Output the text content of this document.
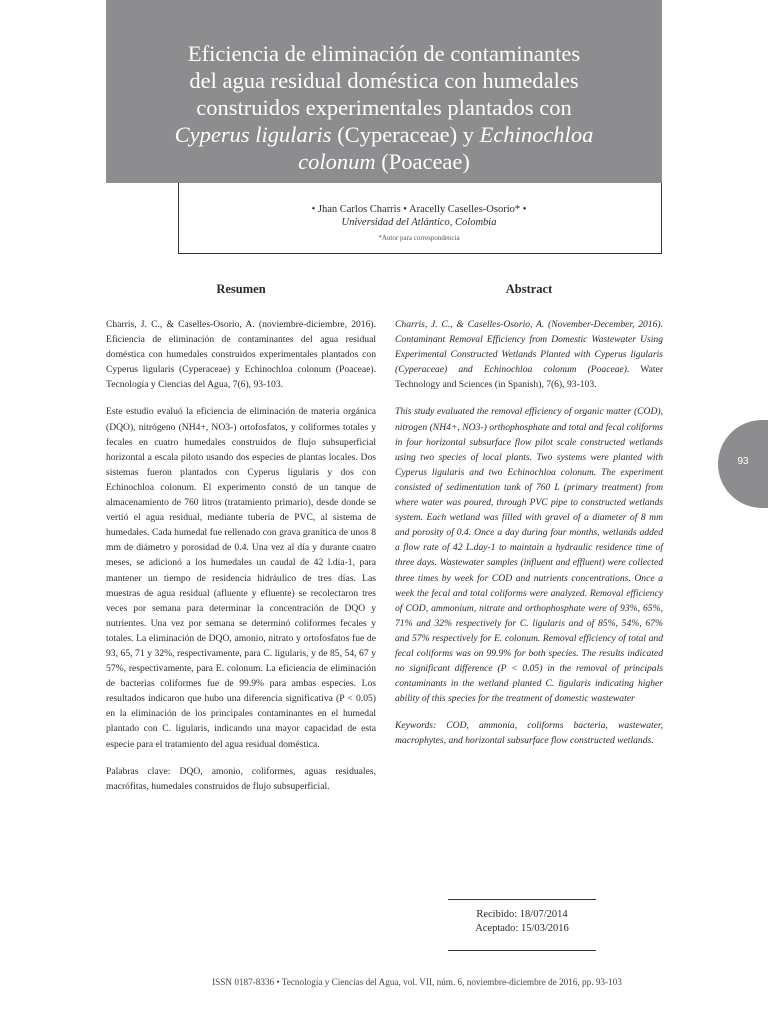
Eficiencia de eliminación de contaminantes
del agua residual doméstica con humedales
construidos experimentales plantados con
Cyperus ligularis (Cyperaceae) y Echinochloa
colonum (Poaceae)
• Jhan Carlos Charris • Aracelly Caselles-Osorio* •
Universidad del Atlántico, Colombia
*Autor para correspondencia
Resumen	Abstract

Charris, J. C., & Caselles-Osorio, A. (noviembre-diciembre, 2016). Eficiencia de eliminación de contaminantes del agua residual doméstica con humedales construidos experimentales plantados con Cyperus ligularis (Cyperaceae) y Echinochloa colonum (Poaceae). Tecnología y Ciencias del Agua, 7(6), 93-103.

Este estudio evaluó la eficiencia de eliminación de materia orgánica (DQO), nitrógeno (NH4+, NO3-) ortofosfatos, y coliformes totales y fecales en cuatro humedales construidos de flujo subsuperficial horizontal a escala piloto usando dos especies de plantas locales. Dos sistemas fueron plantados con Cyperus ligularis y dos con Echinochloa colonum. El experimento constó de un tanque de almacenamiento de 760 litros (tratamiento primario), desde donde se vertió el agua residual, mediante tubería de PVC, al sistema de humedales. Cada humedal fue rellenado con grava granítica de unos 8 mm de diámetro y porosidad de 0.4. Una vez al día y durante cuatro meses, se adicionó a los humedales un caudal de 42 l.día-1, para mantener un tiempo de residencia hidráulico de tres días. Las muestras de agua residual (afluente y efluente) se recolectaron tres veces por semana para determinar la concentración de DQO y nutrientes. Una vez por semana se determinó coliformes fecales y totales. La eliminación de DQO, amonio, nitrato y ortofosfatos fue de 93, 65, 71 y 32%, respectivamente, para C. ligularis, y de 85, 54, 67 y 57%, respectivamente, para E. colonum. La eficiencia de eliminación de bacterias coliformes fue de 99.9% para ambas especies. Los resultados indicaron que hubo una diferencia significativa (P < 0.05) en la eliminación de los principales contaminantes en el humedal plantado con C. ligularis, indicando una mayor capacidad de esta especie para el tratamiento del agua residual doméstica.

Palabras clave: DQO, amonio, coliformes, aguas residuales, macrófitas, humedales construidos de flujo subsuperficial.

Charris, J. C., & Caselles-Osorio, A. (November-December, 2016). Contaminant Removal Efficiency from Domestic Wastewater Using Experimental Constructed Wetlands Planted with Cyperus ligularis (Cyperaceae) and Echinochloa colonum (Poaceae). Water Technology and Sciences (in Spanish), 7(6), 93-103.

This study evaluated the removal efficiency of organic matter (COD), nitrogen (NH4+, NO3-) orthophosphate and total and fecal coliforms in four horizontal subsurface flow pilot scale constructed wetlands using two species of local plants. Two systems were planted with Cyperus ligularis and two Echinochloa colonum. The experiment consisted of sedimentation tank of 760 L (primary treatment) from where water was poured, through PVC pipe to constructed wetlands system. Each wetland was filled with gravel of a diameter of 8 mm and porosity of 0.4. Once a day during four months, wetlands added a flow rate of 42 L.day-1 to maintain a hydraulic residence time of three days. Wastewater samples (influent and effluent) were collected three times by week for COD and nutrients concentrations. Once a week the fecal and total coliforms were analyzed. Removal efficiency of COD, ammonium, nitrate and orthophosphate were of 93%, 65%, 71% and 32% respectively for C. ligularis and of 85%, 54%, 67% and 57% respectively for E. colonum. Removal efficiency of total and fecal coliforms was on 99.9% for both species. The results indicated no significant difference (P < 0.05) in the removal of principals contaminants in the wetland planted C. ligularis indicating higher ability of this species for the treatment of domestic wastewater

Keywords: COD, ammonia, coliforms bacteria, wastewater, macrophytes, and horizontal subsurface flow constructed wetlands.

93
Recibido: 18/07/2014
Aceptado: 15/03/2016
ISSN 0187-8336 • Tecnología y Ciencias del Agua, vol. VII, núm. 6, noviembre-diciembre de 2016, pp. 93-103
